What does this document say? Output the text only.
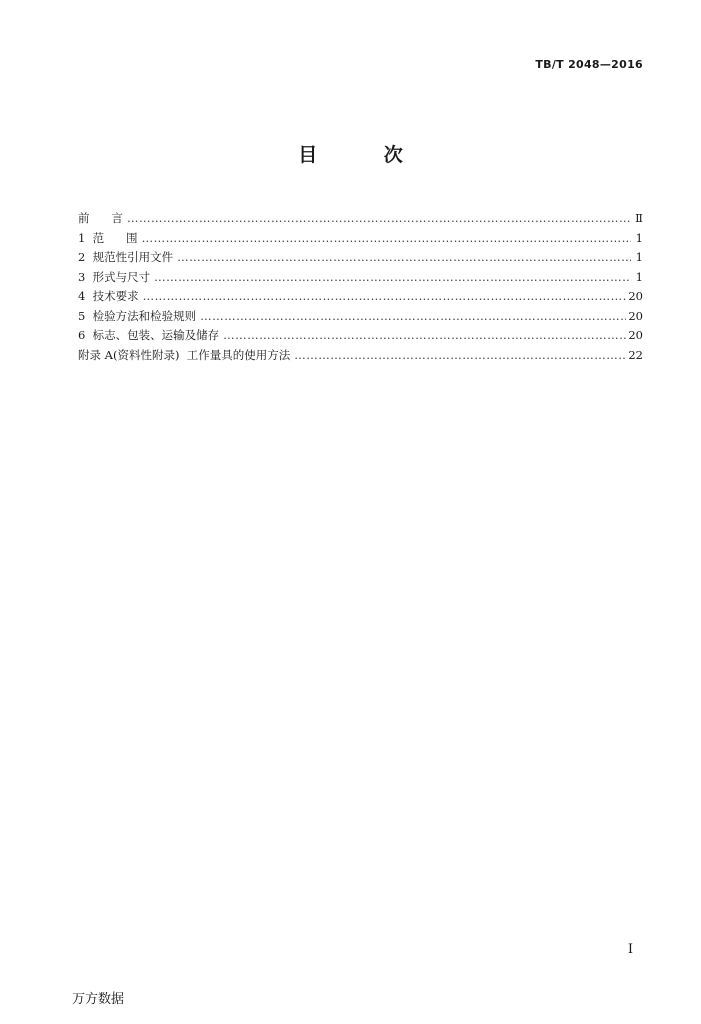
TB/T 2048—2016
目 次
前      言 ………………………………………………………………………………………………………………………………………………………………………………………………	Ⅱ
1  范      围 ………………………………………………………………………………………………………………………………………………………………………………………………	1
2  规范性引用文件 ………………………………………………………………………………………………………………………………………………………………………………………………	1
3  形式与尺寸 ………………………………………………………………………………………………………………………………………………………………………………………………	1
4  技术要求 ………………………………………………………………………………………………………………………………………………………………………………………………	20
5  检验方法和检验规则 ………………………………………………………………………………………………………………………………………………………………………………………………	20
6  标志、包装、运输及储存 ………………………………………………………………………………………………………………………………………………………………………………………………	20
附录 A(资料性附录)  工作量具的使用方法 ………………………………………………………………………………………………………………………………………………………………………………………………	22
I
万方数据
